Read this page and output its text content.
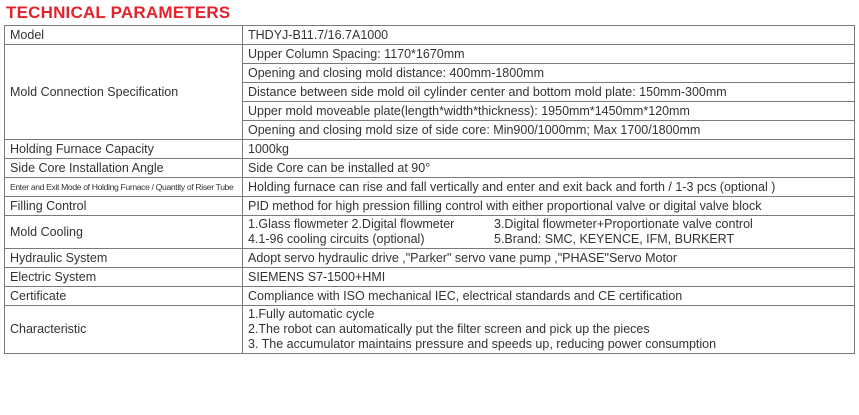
TECHNICAL PARAMETERS
Model	THDYJ-B11.7/16.7A1000
Mold Connection Specification	Upper Column Spacing: 1170*1670mm
	Opening and closing mold distance: 400mm-1800mm
	Distance between side mold oil cylinder center and bottom mold plate: 150mm-300mm
	Upper mold moveable plate(length*width*thickness): 1950mm*1450mm*120mm
	Opening and closing mold size of side core: Min900/1000mm; Max 1700/1800mm
Holding Furnace Capacity	1000kg
Side Core Installation Angle	Side Core can be installed at 90°
Enter and Exit Mode of Holding Furnace / Quantity of Riser Tube	Holding furnace can rise and fall vertically and enter and exit back and forth / 1-3 pcs (optional )
Filling Control	PID method for high pression filling control with either proportional valve or digital valve block
Mold Cooling	1.Glass flowmeter 2.Digital flowmeter 3.Digital flowmeter+Proportionate valve control
4.1-96 cooling circuits (optional) 5.Brand: SMC, KEYENCE, IFM, BURKERT

Hydraulic System	Adopt servo hydraulic drive ,"Parker" servo vane pump ,"PHASE"Servo Motor
Electric System	SIEMENS S7-1500+HMI
Certificate	Compliance with ISO mechanical IEC, electrical standards and CE certification
Characteristic	1.Fully automatic cycle
2.The robot can automatically put the filter screen and pick up the pieces
3. The accumulator maintains pressure and speeds up, reducing power consumption
